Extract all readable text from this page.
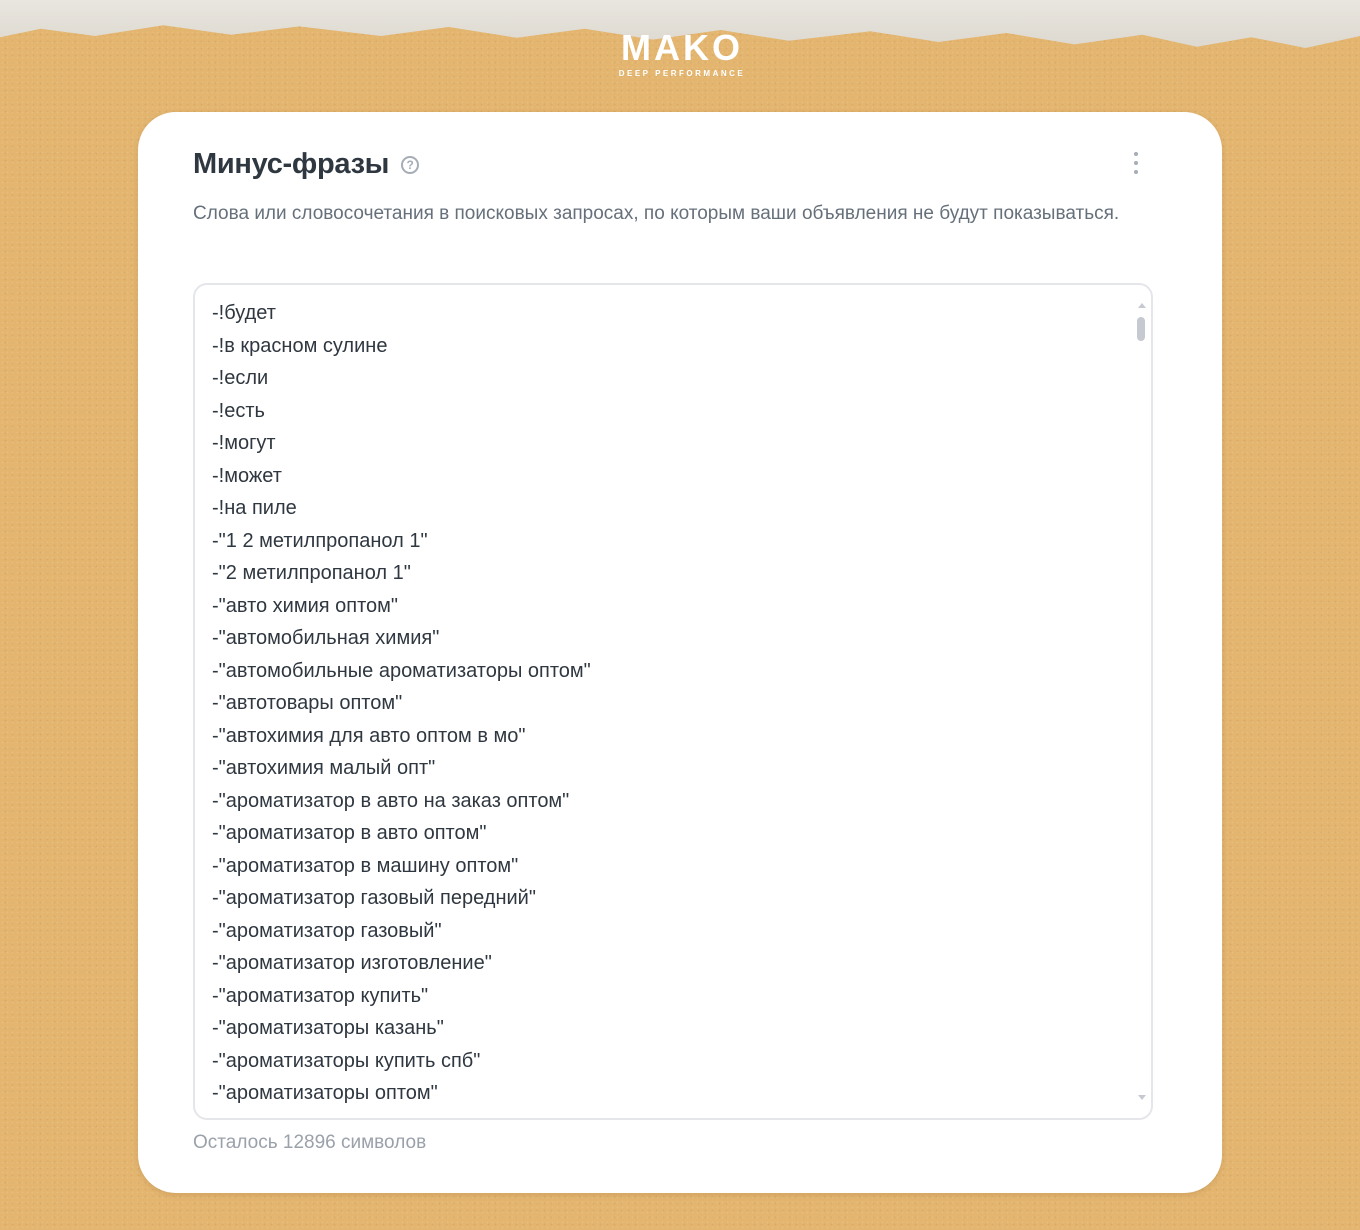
MAKO
DEEP PERFORMANCE
Минус-фразы	?
Слова или словосочетания в поисковых запросах, по которым ваши объявления не будут показываться.
-!будет
-!в красном сулине
-!если
-!есть
-!могут
-!может
-!на пиле
-"1 2 метилпропанол 1"
-"2 метилпропанол 1"
-"авто химия оптом"
-"автомобильная химия"
-"автомобильные ароматизаторы оптом"
-"автотовары оптом"
-"автохимия для авто оптом в мо"
-"автохимия малый опт"
-"ароматизатор в авто на заказ оптом"
-"ароматизатор в авто оптом"
-"ароматизатор в машину оптом"
-"ароматизатор газовый передний"
-"ароматизатор газовый"
-"ароматизатор изготовление"
-"ароматизатор купить"
-"ароматизаторы казань"
-"ароматизаторы купить спб"
-"ароматизаторы оптом"
Осталось 12896 символов
